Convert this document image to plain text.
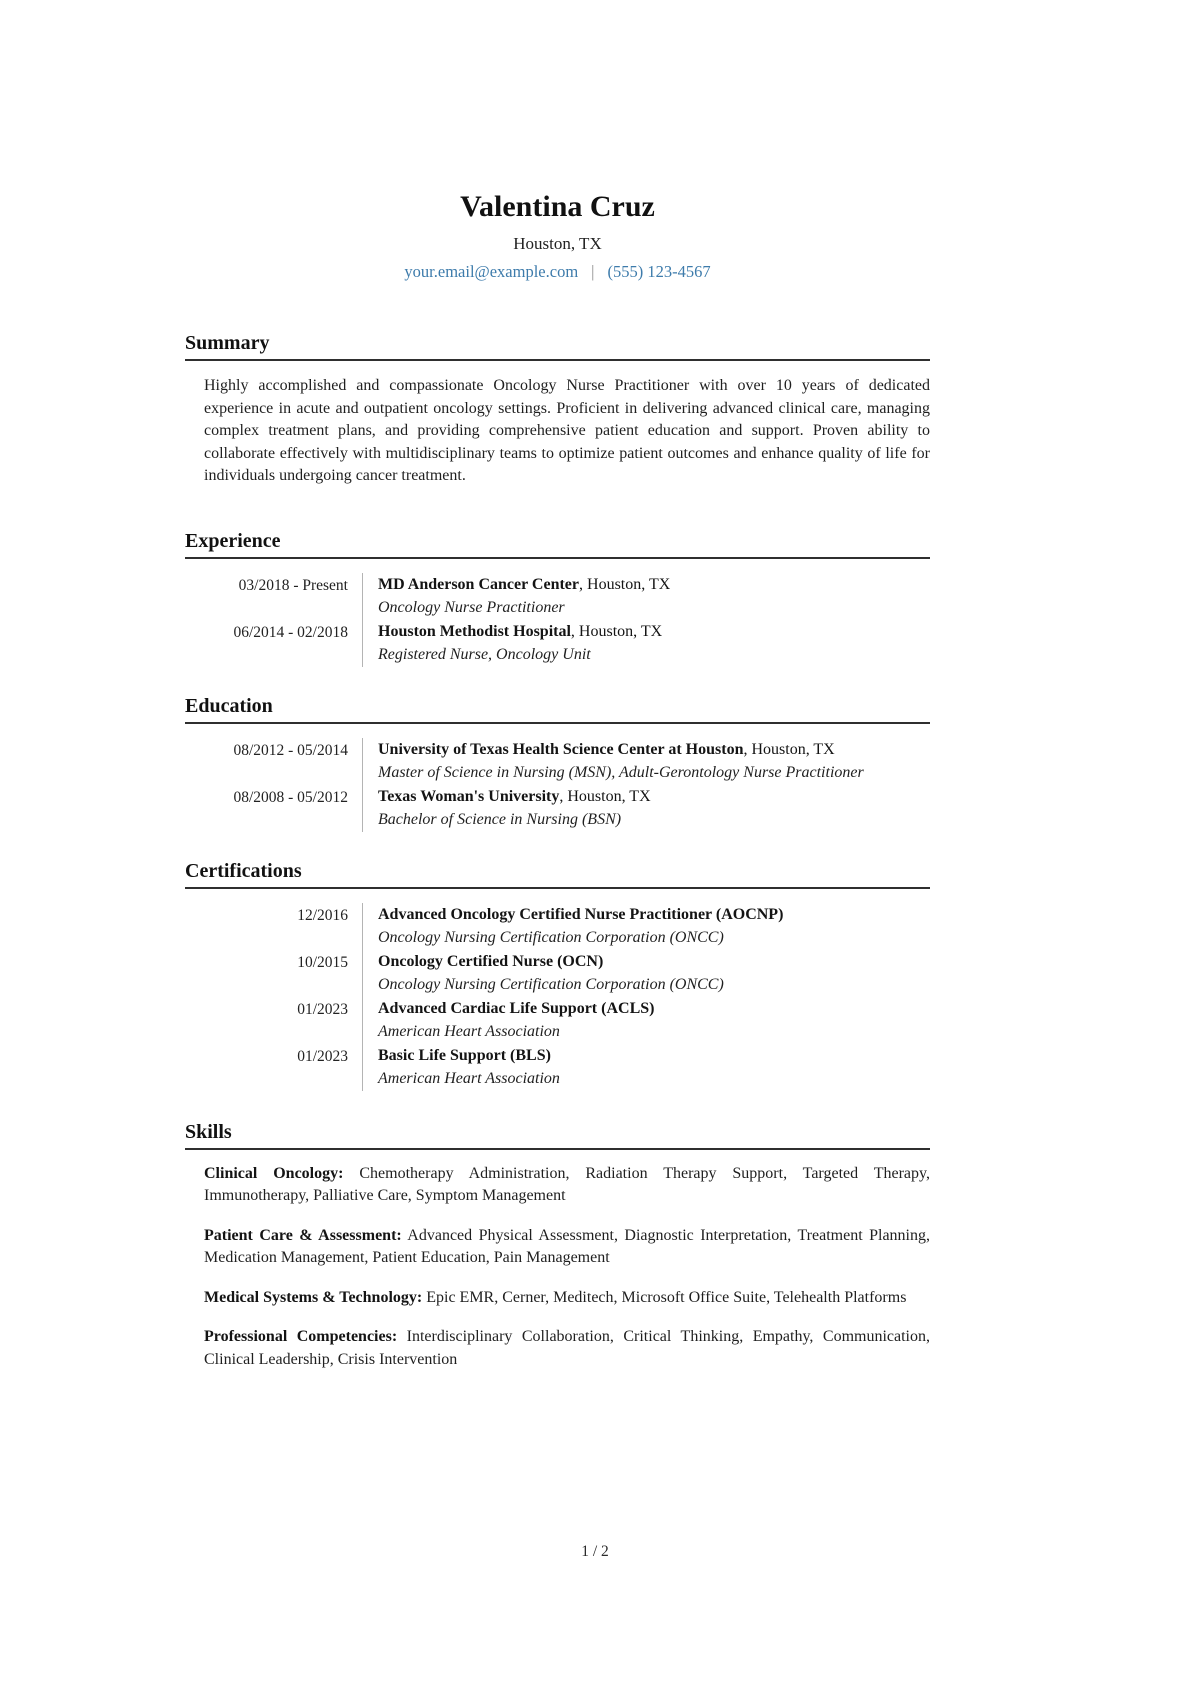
Valentina Cruz
Houston, TX
your.email@example.com | (555) 123-4567
Summary

Highly accomplished and compassionate Oncology Nurse Practitioner with over 10 years of dedicated experience in acute and outpatient oncology settings. Proficient in delivering advanced clinical care, managing complex treatment plans, and providing comprehensive patient education and support. Proven ability to collaborate effectively with multidisciplinary teams to optimize patient outcomes and enhance quality of life for individuals undergoing cancer treatment.

Experience
03/2018 - Present MD Anderson Cancer Center, Houston, TX
Oncology Nurse Practitioner
06/2014 - 02/2018 Houston Methodist Hospital, Houston, TX
Registered Nurse, Oncology Unit
Education
08/2012 - 05/2014 University of Texas Health Science Center at Houston, Houston, TX
Master of Science in Nursing (MSN), Adult-Gerontology Nurse Practitioner
08/2008 - 05/2012 Texas Woman's University, Houston, TX
Bachelor of Science in Nursing (BSN)
Certifications
12/2016 Advanced Oncology Certified Nurse Practitioner (AOCNP)
Oncology Nursing Certification Corporation (ONCC)
10/2015 Oncology Certified Nurse (OCN)
Oncology Nursing Certification Corporation (ONCC)
01/2023 Advanced Cardiac Life Support (ACLS)
American Heart Association
01/2023 Basic Life Support (BLS)
American Heart Association
Skills

Clinical Oncology: Chemotherapy Administration, Radiation Therapy Support, Targeted Therapy, Immunotherapy, Palliative Care, Symptom Management

Patient Care & Assessment: Advanced Physical Assessment, Diagnostic Interpretation, Treatment Planning, Medication Management, Patient Education, Pain Management

Medical Systems & Technology: Epic EMR, Cerner, Meditech, Microsoft Office Suite, Telehealth Platforms

Professional Competencies: Interdisciplinary Collaboration, Critical Thinking, Empathy, Communication, Clinical Leadership, Crisis Intervention

1 / 2
